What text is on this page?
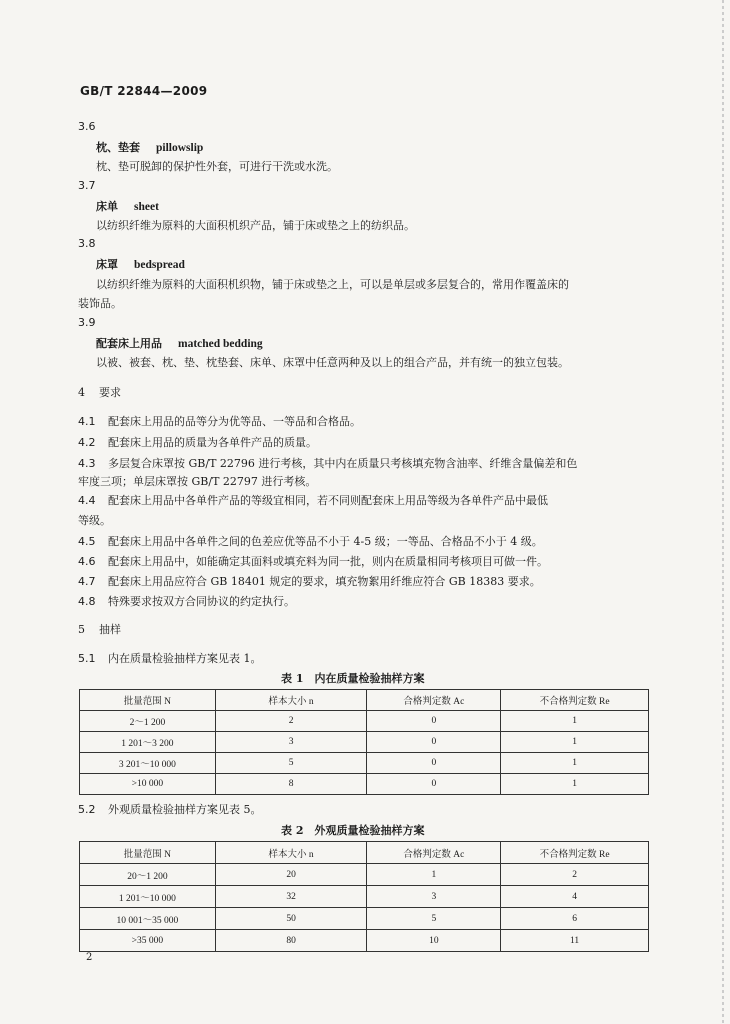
GB/T 22844—2009
3.6
枕、垫套 pillowslip
枕、垫可脱卸的保护性外套，可进行干洗或水洗。
3.7
床单 sheet
以纺织纤维为原料的大面积机织产品，铺于床或垫之上的纺织品。
3.8
床罩 bedspread
以纺织纤维为原料的大面积机织物，铺于床或垫之上，可以是单层或多层复合的，常用作覆盖床的
装饰品。
3.9
配套床上用品 matched bedding
以被、被套、枕、垫、枕垫套、床单、床罩中任意两种及以上的组合产品，并有统一的独立包装。
4 要求
4.1 配套床上用品的品等分为优等品、一等品和合格品。
4.2 配套床上用品的质量为各单件产品的质量。
4.3 多层复合床罩按 GB/T 22796 进行考核，其中内在质量只考核填充物含油率、纤维含量偏差和色
牢度三项；单层床罩按 GB/T 22797 进行考核。
4.4 配套床上用品中各单件产品的等级宜相同，若不同则配套床上用品等级为各单件产品中最低
等级。
4.5 配套床上用品中各单件之间的色差应优等品不小于 4-5 级；一等品、合格品不小于 4 级。
4.6 配套床上用品中，如能确定其面料或填充料为同一批，则内在质量相同考核项目可做一件。
4.7 配套床上用品应符合 GB 18401 规定的要求，填充物絮用纤维应符合 GB 18383 要求。
4.8 特殊要求按双方合同协议的约定执行。
5 抽样
5.1 内在质量检验抽样方案见表 1。
表 1　内在质量检验抽样方案
批量范围 N	样本大小 n	合格判定数 Ac	不合格判定数 Re
2～1 200	2	0	1
1 201～3 200	3	0	1
3 201～10 000	5	0	1
>10 000	8	0	1
5.2 外观质量检验抽样方案见表 5。
表 2　外观质量检验抽样方案
批量范围 N	样本大小 n	合格判定数 Ac	不合格判定数 Re
20～1 200	20	1	2
1 201～10 000	32	3	4
10 001～35 000	50	5	6
>35 000	80	10	11
2
